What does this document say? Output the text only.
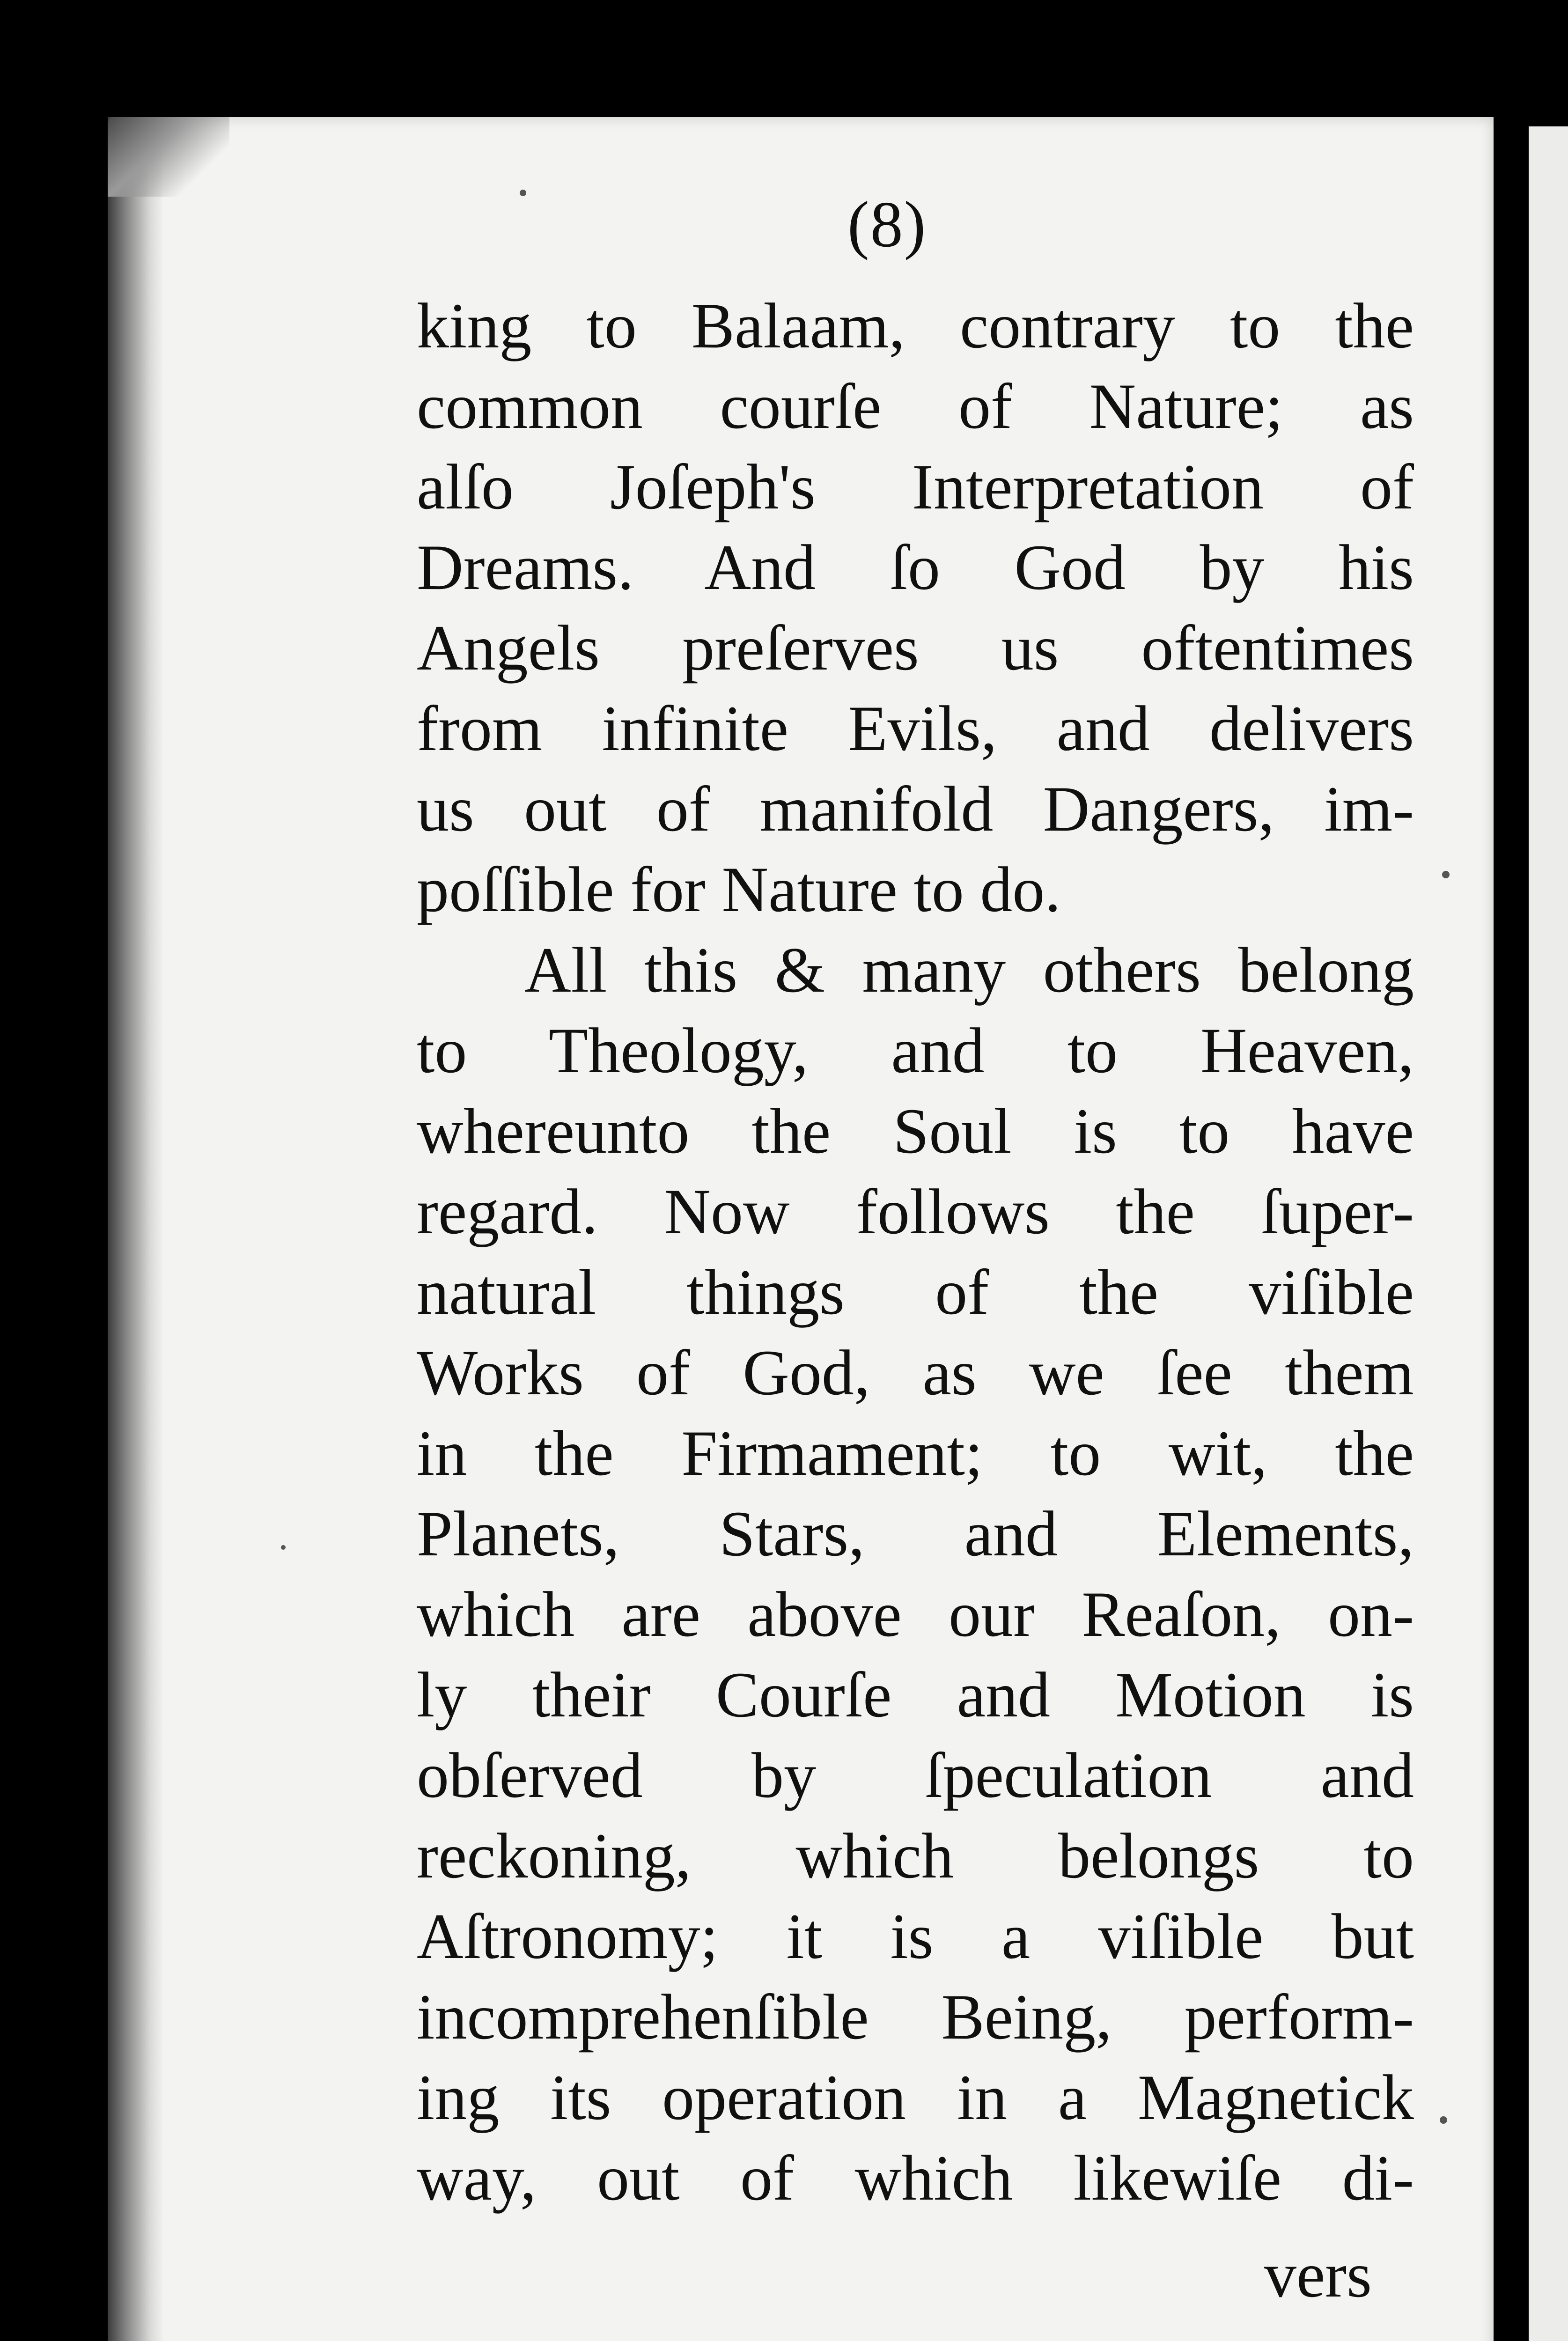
(8)
king to Balaam, contrary to the
common courſe of Nature; as
alſo Joſeph's Interpretation of
Dreams. And ſo God by his
Angels preſerves us oftentimes
from infinite Evils, and delivers
us out of manifold Dangers, im-
poſſible for Nature to do.
All this & many others belong
to Theology, and to Heaven,
whereunto the Soul is to have
regard. Now follows the ſuper-
natural things of the viſible
Works of God, as we ſee them
in the Firmament; to wit, the
Planets, Stars, and Elements,
which are above our Reaſon, on-
ly their Courſe and Motion is
obſerved by ſpeculation and
reckoning, which belongs to
Aſtronomy; it is a viſible but
incomprehenſible Being, perform-
ing its operation in a Magnetick
way, out of which likewiſe di-
vers
